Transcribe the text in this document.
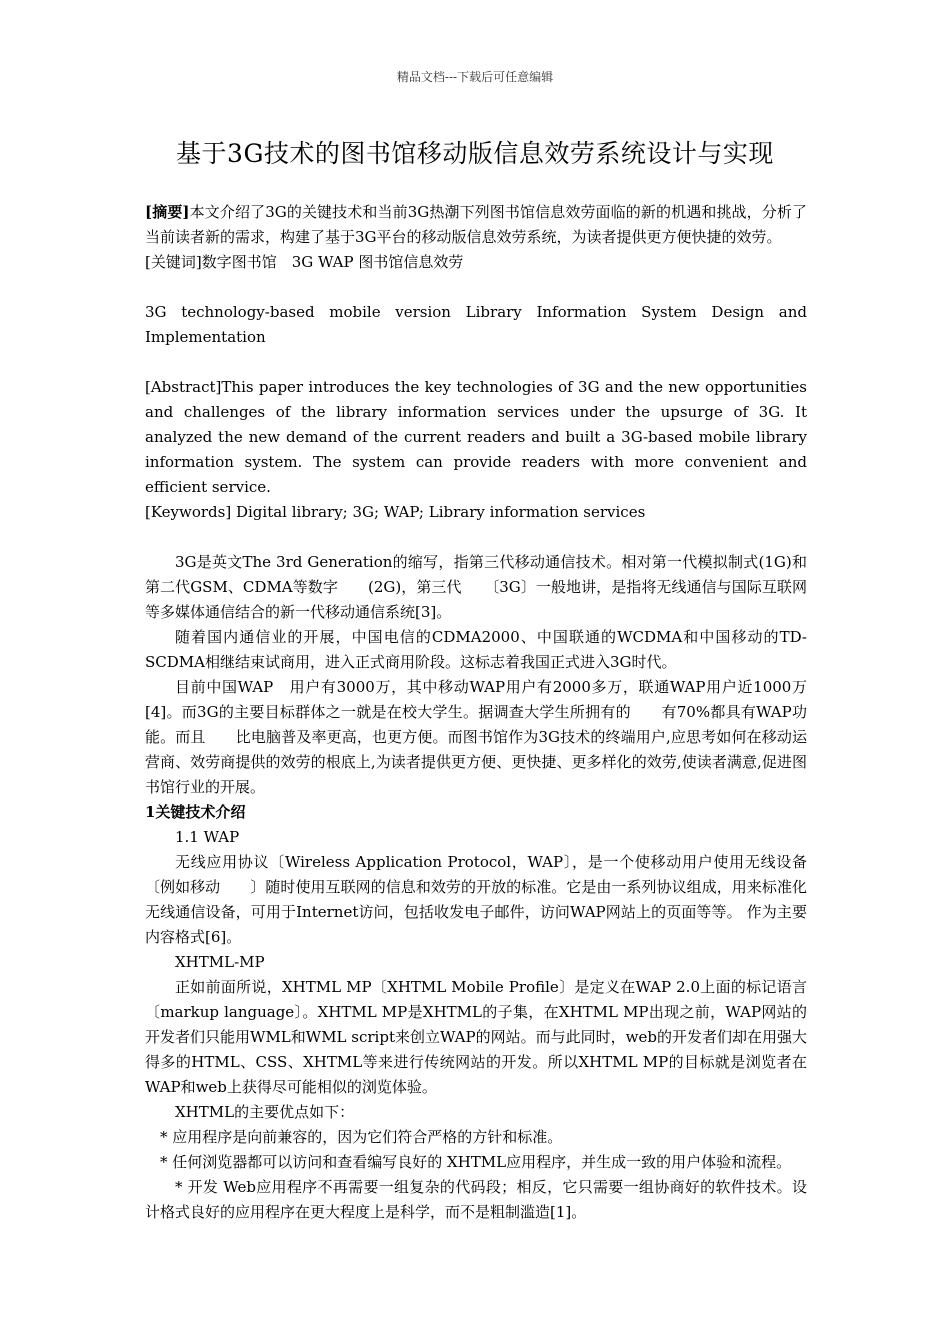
精品文档---下载后可任意编辑
基于3G技术的图书馆移动版信息效劳系统设计与实现

[摘要]本文介绍了3G的关键技术和当前3G热潮下列图书馆信息效劳面临的新的机遇和挑战，分析了当前读者新的需求，构建了基于3G平台的移动版信息效劳系统，为读者提供更方便快捷的效劳。

[关键词]数字图书馆　3G WAP 图书馆信息效劳

3G technology-based mobile version Library Information System Design and Implementation

[Abstract]This paper introduces the key technologies of 3G and the new opportunities and challenges of the library information services under the upsurge of 3G. It analyzed the new demand of the current readers and built a 3G-based mobile library information system. The system can provide readers with more convenient and efficient service.

[Keywords] Digital library; 3G; WAP; Library information services

3G是英文The 3rd Generation的缩写，指第三代移动通信技术。相对第一代模拟制式(1G)和第二代GSM、CDMA等数字　　(2G)，第三代　　〔3G〕一般地讲，是指将无线通信与国际互联网等多媒体通信结合的新一代移动通信系统[3]。

随着国内通信业的开展，中国电信的CDMA2000、中国联通的WCDMA和中国移动的TD-SCDMA相继结束试商用，进入正式商用阶段。这标志着我国正式进入3G时代。

目前中国WAP　用户有3000万，其中移动WAP用户有2000多万，联通WAP用户近1000万[4]。而3G的主要目标群体之一就是在校大学生。据调查大学生所拥有的　　有70%都具有WAP功能。而且　　比电脑普及率更高，也更方便。而图书馆作为3G技术的终端用户,应思考如何在移动运营商、效劳商提供的效劳的根底上,为读者提供更方便、更快捷、更多样化的效劳,使读者满意,促进图书馆行业的开展。

1关键技术介绍

1.1 WAP

无线应用协议〔Wireless Application Protocol，WAP〕，是一个使移动用户使用无线设备〔例如移动　　〕随时使用互联网的信息和效劳的开放的标准。它是由一系列协议组成，用来标准化无线通信设备，可用于Internet访问，包括收发电子邮件，访问WAP网站上的页面等等。 作为主要内容格式[6]。

XHTML-MP

正如前面所说，XHTML MP〔XHTML Mobile Profile〕是定义在WAP 2.0上面的标记语言〔markup language〕。XHTML MP是XHTML的子集，在XHTML MP出现之前，WAP网站的开发者们只能用WML和WML script来创立WAP的网站。而与此同时，web的开发者们却在用强大得多的HTML、CSS、XHTML等来进行传统网站的开发。所以XHTML MP的目标就是浏览者在WAP和web上获得尽可能相似的浏览体验。

XHTML的主要优点如下：

* 应用程序是向前兼容的，因为它们符合严格的方针和标准。

* 任何浏览器都可以访问和查看编写良好的 XHTML应用程序，并生成一致的用户体验和流程。

* 开发 Web应用程序不再需要一组复杂的代码段；相反，它只需要一组协商好的软件技术。设计格式良好的应用程序在更大程度上是科学，而不是粗制滥造[1]。
